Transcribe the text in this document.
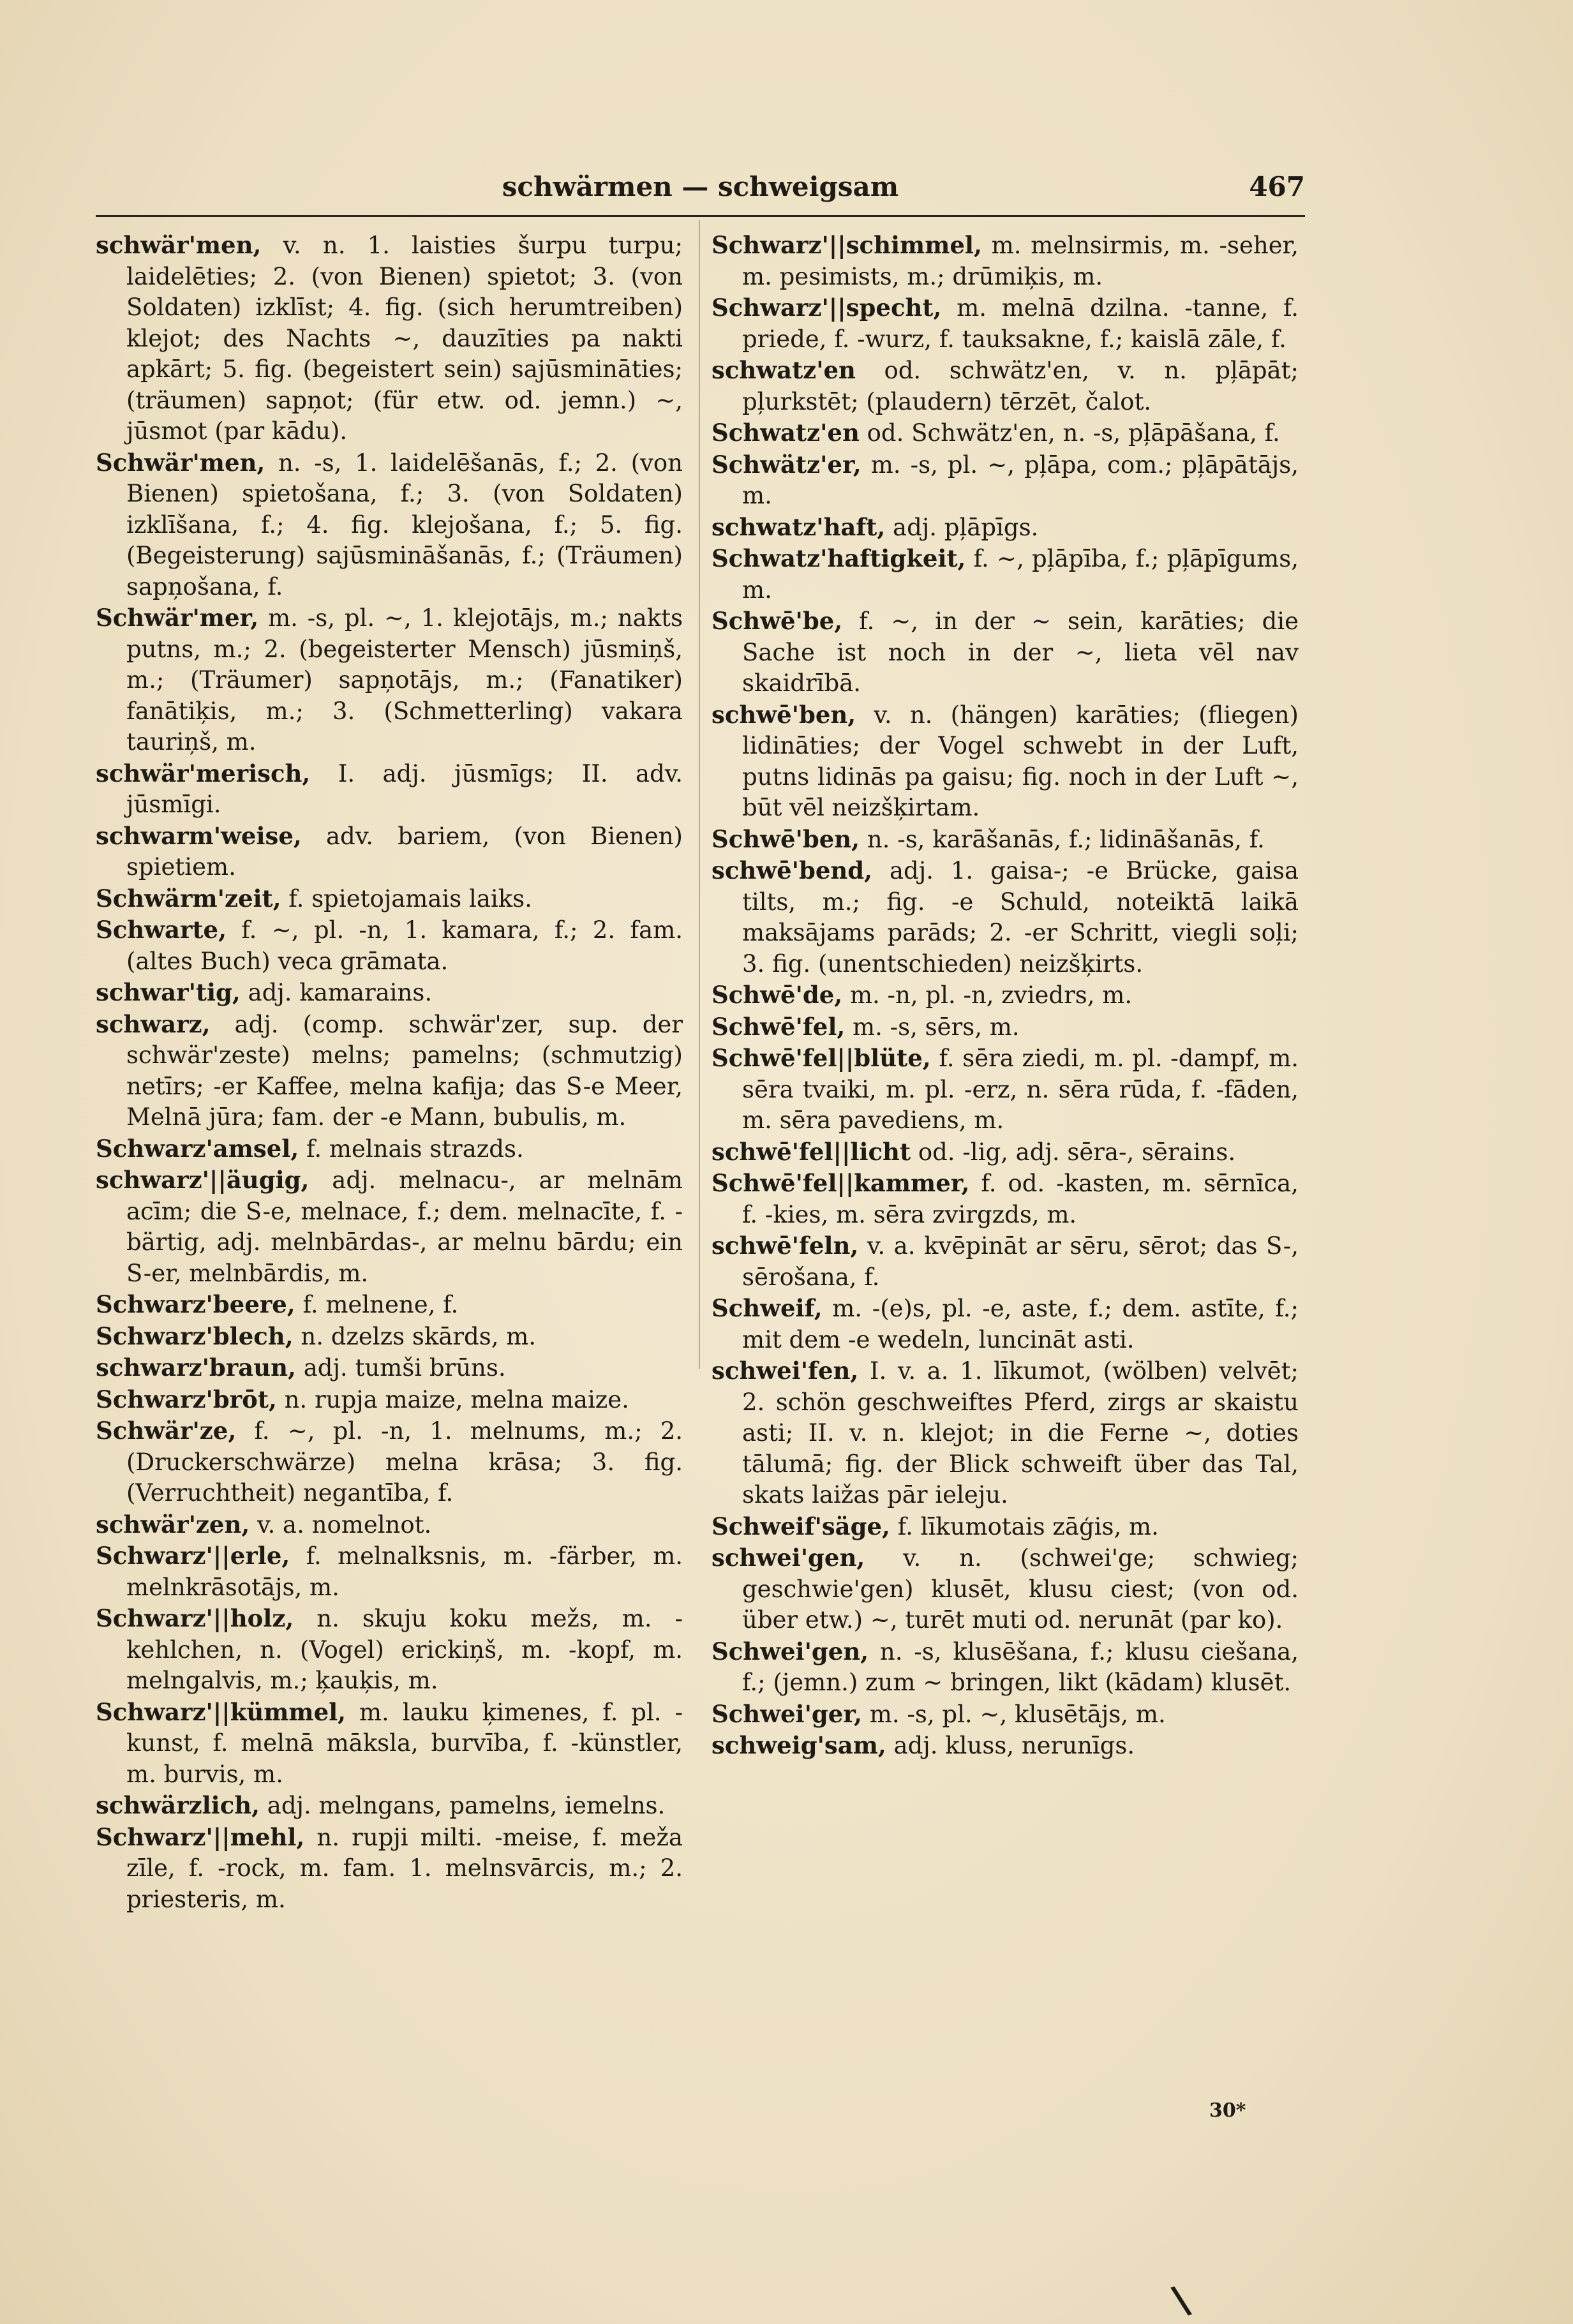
schwärmen — schweigsam	467

schwär'men, v. n. 1. laisties šurpu turpu; laidelēties; 2. (von Bienen) spietot; 3. (von Soldaten) izklīst; 4. fig. (sich herumtreiben) klejot; des Nachts ~, dauzīties pa nakti apkārt; 5. fig. (begeistert sein) sajūsmināties; (träumen) sapņot; (für etw. od. jemn.) ~, jūsmot (par kādu).

Schwär'men, n. -s, 1. laidelēšanās, f.; 2. (von Bienen) spietošana, f.; 3. (von Soldaten) izklīšana, f.; 4. fig. klejošana, f.; 5. fig. (Begeisterung) sajūsmināšanās, f.; (Träumen) sapņošana, f.

Schwär'mer, m. -s, pl. ~, 1. klejotājs, m.; nakts putns, m.; 2. (begeisterter Mensch) jūsmiņš, m.; (Träumer) sapņotājs, m.; (Fanatiker) fanātiķis, m.; 3. (Schmetterling) vakara tauriņš, m.

schwär'merisch, I. adj. jūsmīgs; II. adv. jūsmīgi.

schwarm'weise, adv. bariem, (von Bienen) spietiem.

Schwärm'zeit, f. spietojamais laiks.

Schwarte, f. ~, pl. -n, 1. kamara, f.; 2. fam. (altes Buch) veca grāmata.

schwar'tig, adj. kamarains.

schwarz, adj. (comp. schwär'zer, sup. der schwär'zeste) melns; pamelns; (schmutzig) netīrs; -er Kaffee, melna kafija; das S-e Meer, Melnā jūra; fam. der -e Mann, bubulis, m.

Schwarz'amsel, f. melnais strazds.

schwarz'||äugig, adj. melnacu-, ar melnām acīm; die S-e, melnace, f.; dem. melnacīte, f. -bärtig, adj. melnbārdas-, ar melnu bārdu; ein S-er, melnbārdis, m.

Schwarz'beere, f. melnene, f.

Schwarz'blech, n. dzelzs skārds, m.

schwarz'braun, adj. tumši brūns.

Schwarz'brōt, n. rupja maize, melna maize.

Schwär'ze, f. ~, pl. -n, 1. melnums, m.; 2. (Druckerschwärze) melna krāsa; 3. fig. (Verruchtheit) negantība, f.

schwär'zen, v. a. nomelnot.

Schwarz'||erle, f. melnalksnis, m. -färber, m. melnkrāsotājs, m.

Schwarz'||holz, n. skuju koku mežs, m. -kehlchen, n. (Vogel) erickiņš, m. -kopf, m. melngalvis, m.; ķauķis, m.

Schwarz'||kümmel, m. lauku ķimenes, f. pl. -kunst, f. melnā māksla, burvība, f. -künstler, m. burvis, m.

schwärzlich, adj. melngans, pamelns, iemelns.

Schwarz'||mehl, n. rupji milti. -meise, f. meža zīle, f. -rock, m. fam. 1. melnsvārcis, m.; 2. priesteris, m.

Schwarz'||schimmel, m. melnsirmis, m. -seher, m. pesimists, m.; drūmiķis, m.

Schwarz'||specht, m. melnā dzilna. -tanne, f. priede, f. -wurz, f. tauksakne, f.; kaislā zāle, f.

schwatz'en od. schwätz'en, v. n. pļāpāt; pļurkstēt; (plaudern) tērzēt, čalot.

Schwatz'en od. Schwätz'en, n. -s, pļāpāšana, f.

Schwätz'er, m. -s, pl. ~, pļāpa, com.; pļāpātājs, m.

schwatz'haft, adj. pļāpīgs.

Schwatz'haftigkeit, f. ~, pļāpība, f.; pļāpīgums, m.

Schwē'be, f. ~, in der ~ sein, karāties; die Sache ist noch in der ~, lieta vēl nav skaidrībā.

schwē'ben, v. n. (hängen) karāties; (fliegen) lidināties; der Vogel schwebt in der Luft, putns lidinās pa gaisu; fig. noch in der Luft ~, būt vēl neizšķirtam.

Schwē'ben, n. -s, karāšanās, f.; lidināšanās, f.

schwē'bend, adj. 1. gaisa-; -e Brücke, gaisa tilts, m.; fig. -e Schuld, noteiktā laikā maksājams parāds; 2. -er Schritt, viegli soļi; 3. fig. (unentschieden) neizšķirts.

Schwē'de, m. -n, pl. -n, zviedrs, m.

Schwē'fel, m. -s, sērs, m.

Schwē'fel||blüte, f. sēra ziedi, m. pl. -dampf, m. sēra tvaiki, m. pl. -erz, n. sēra rūda, f. -fāden, m. sēra pavediens, m.

schwē'fel||licht od. -lig, adj. sēra-, sērains.

Schwē'fel||kammer, f. od. -kasten, m. sērnīca, f. -kies, m. sēra zvirgzds, m.

schwē'feln, v. a. kvēpināt ar sēru, sērot; das S-, sērošana, f.

Schweif, m. -(e)s, pl. -e, aste, f.; dem. astīte, f.; mit dem -e wedeln, luncināt asti.

schwei'fen, I. v. a. 1. līkumot, (wölben) velvēt; 2. schön geschweiftes Pferd, zirgs ar skaistu asti; II. v. n. klejot; in die Ferne ~, doties tālumā; fig. der Blick schweift über das Tal, skats laižas pār ieleju.

Schweif'säge, f. līkumotais zāģis, m.

schwei'gen, v. n. (schwei'ge; schwieg; geschwie'gen) klusēt, klusu ciest; (von od. über etw.) ~, turēt muti od. nerunāt (par ko).

Schwei'gen, n. -s, klusēšana, f.; klusu ciešana, f.; (jemn.) zum ~ bringen, likt (kādam) klusēt.

Schwei'ger, m. -s, pl. ~, klusētājs, m.

schweig'sam, adj. kluss, nerunīgs.

30*
\
